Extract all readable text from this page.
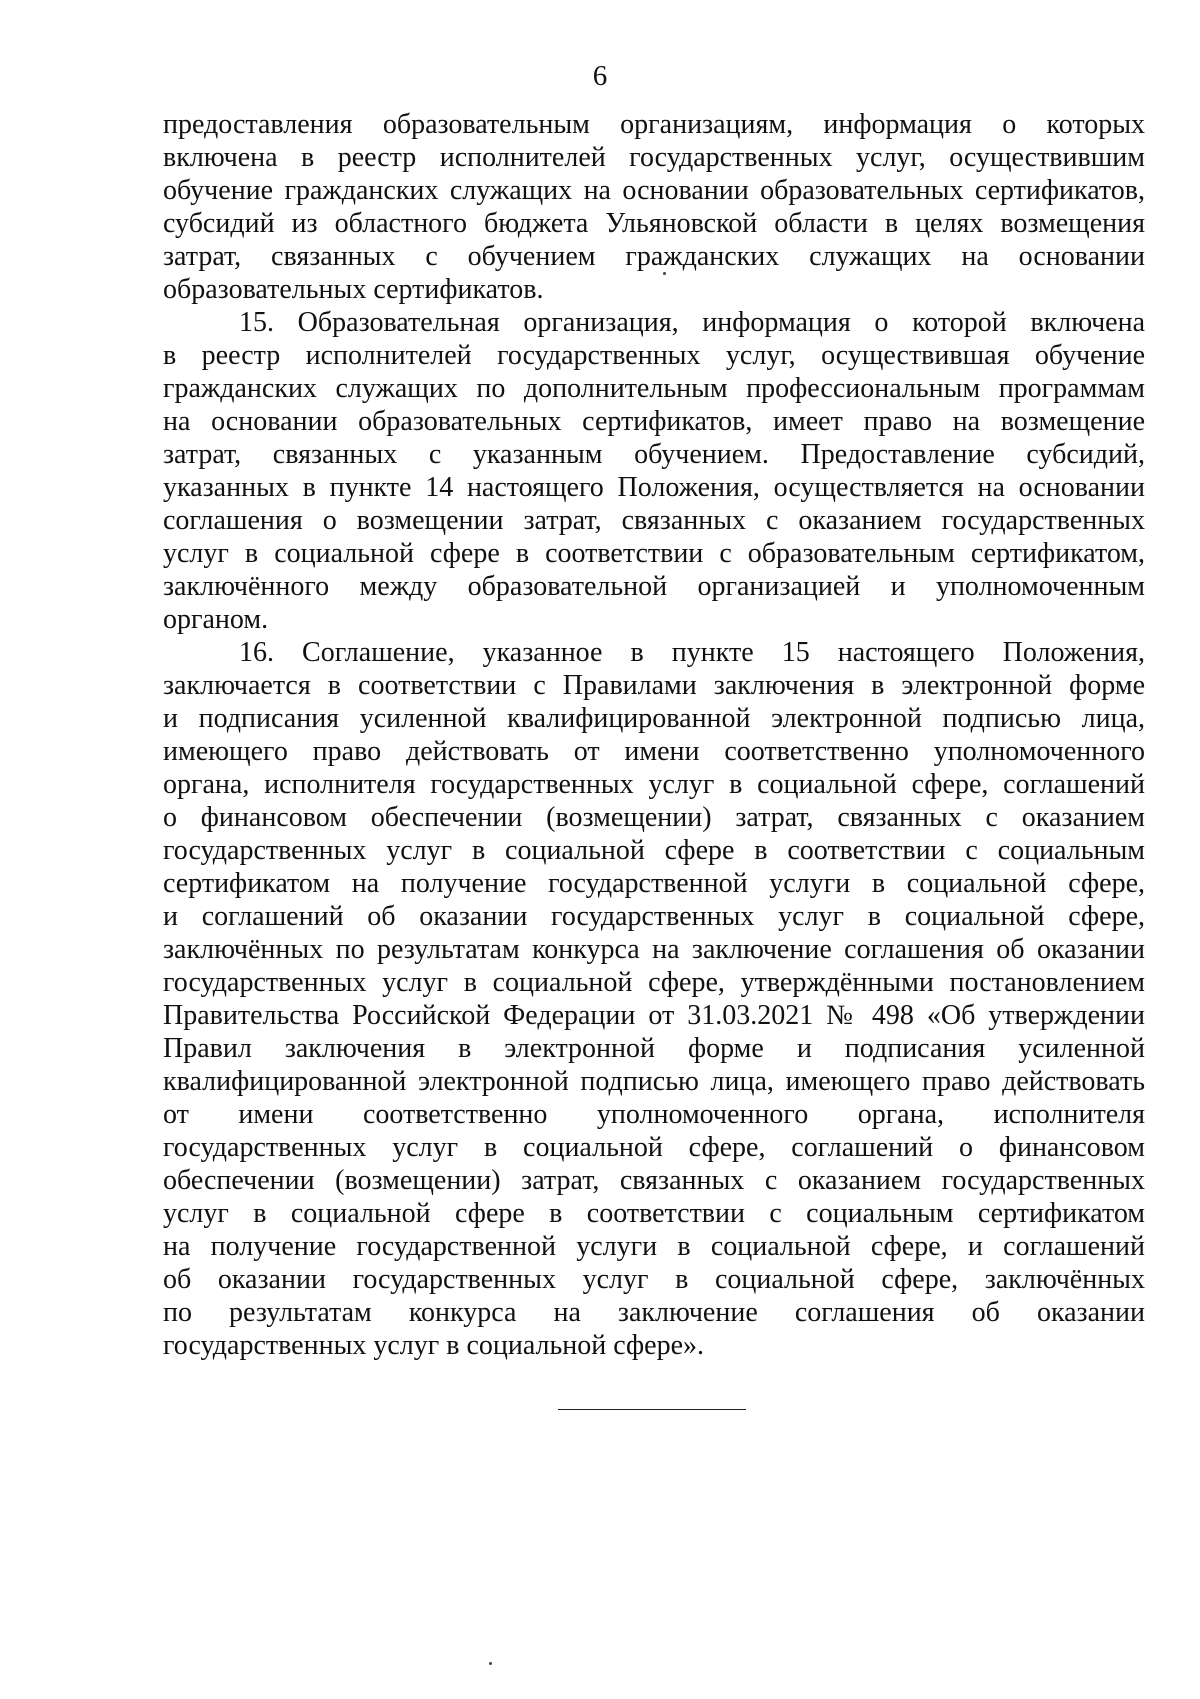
6
предоставления образовательным организациям, информация о которых
включена в реестр исполнителей государственных услуг, осуществившим
обучение гражданских служащих на основании образовательных сертификатов,
субсидий из областного бюджета Ульяновской области в целях возмещения
затрат, связанных с обучением гражданских служащих на основании
образовательных сертификатов.
15. Образовательная организация, информация о которой включена
в реестр исполнителей государственных услуг, осуществившая обучение
гражданских служащих по дополнительным профессиональным программам
на основании образовательных сертификатов, имеет право на возмещение
затрат, связанных с указанным обучением. Предоставление субсидий,
указанных в пункте 14 настоящего Положения, осуществляется на основании
соглашения о возмещении затрат, связанных с оказанием государственных
услуг в социальной сфере в соответствии с образовательным сертификатом,
заключённого между образовательной организацией и уполномоченным
органом.
16. Соглашение, указанное в пункте 15 настоящего Положения,
заключается в соответствии с Правилами заключения в электронной форме
и подписания усиленной квалифицированной электронной подписью лица,
имеющего право действовать от имени соответственно уполномоченного
органа, исполнителя государственных услуг в социальной сфере, соглашений
о финансовом обеспечении (возмещении) затрат, связанных с оказанием
государственных услуг в социальной сфере в соответствии с социальным
сертификатом на получение государственной услуги в социальной сфере,
и соглашений об оказании государственных услуг в социальной сфере,
заключённых по результатам конкурса на заключение соглашения об оказании
государственных услуг в социальной сфере, утверждёнными постановлением
Правительства Российской Федерации от 31.03.2021 № 498 «Об утверждении
Правил заключения в электронной форме и подписания усиленной
квалифицированной электронной подписью лица, имеющего право действовать
от имени соответственно уполномоченного органа, исполнителя
государственных услуг в социальной сфере, соглашений о финансовом
обеспечении (возмещении) затрат, связанных с оказанием государственных
услуг в социальной сфере в соответствии с социальным сертификатом
на получение государственной услуги в социальной сфере, и соглашений
об оказании государственных услуг в социальной сфере, заключённых
по результатам конкурса на заключение соглашения об оказании
государственных услуг в социальной сфере».
